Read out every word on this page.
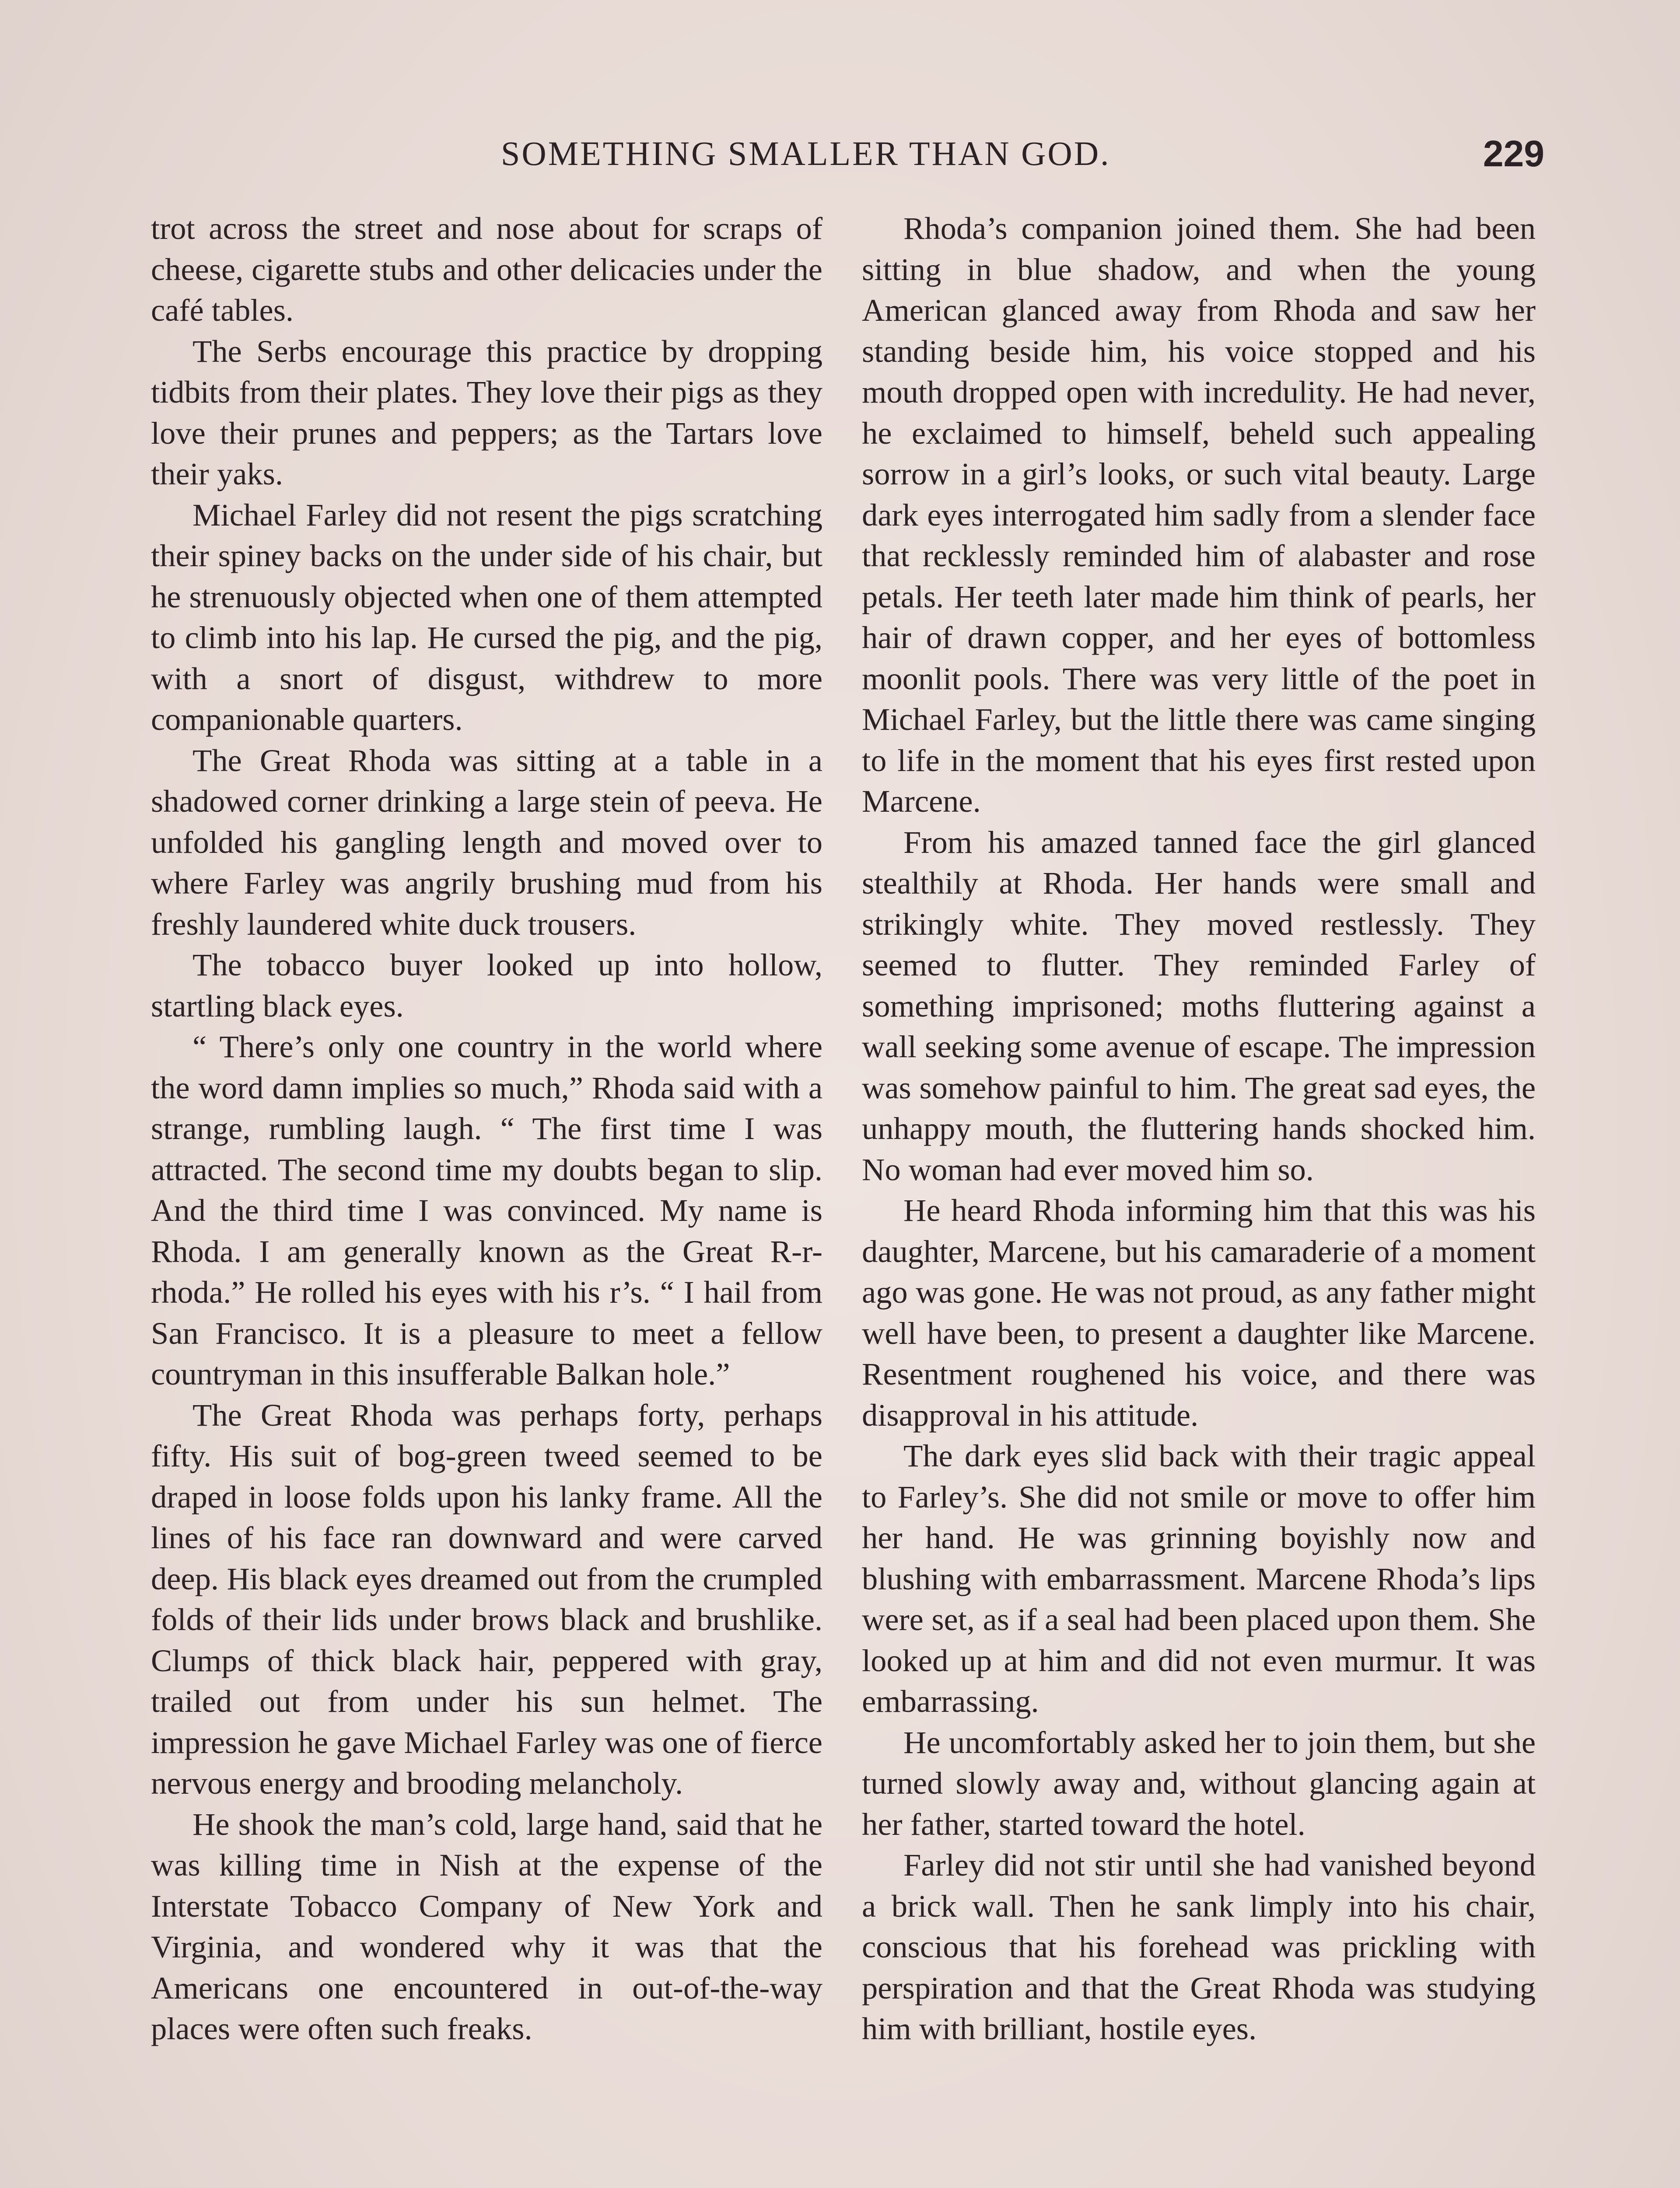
SOMETHING SMALLER THAN GOD.	229

trot across the street and nose about for scraps of cheese, cigarette stubs and other delicacies under the café tables.

The Serbs encourage this practice by dropping tidbits from their plates. They love their pigs as they love their prunes and peppers; as the Tartars love their yaks.

Michael Farley did not resent the pigs scratching their spiney backs on the under side of his chair, but he strenuously objected when one of them attempted to climb into his lap. He cursed the pig, and the pig, with a snort of disgust, withdrew to more companionable quarters.

The Great Rhoda was sitting at a table in a shadowed corner drinking a large stein of peeva. He unfolded his gangling length and moved over to where Farley was angrily brushing mud from his freshly laundered white duck trousers.

The tobacco buyer looked up into hollow, startling black eyes.

“ There’s only one country in the world where the word damn implies so much,” Rhoda said with a strange, rumbling laugh. “ The first time I was attracted. The second time my doubts began to slip. And the third time I was convinced. My name is Rhoda. I am generally known as the Great R-r-rhoda.” He rolled his eyes with his r’s. “ I hail from San Francisco. It is a pleasure to meet a fellow countryman in this insufferable Balkan hole.”

The Great Rhoda was perhaps forty, perhaps fifty. His suit of bog-green tweed seemed to be draped in loose folds upon his lanky frame. All the lines of his face ran downward and were carved deep. His black eyes dreamed out from the crumpled folds of their lids under brows black and brushlike. Clumps of thick black hair, peppered with gray, trailed out from under his sun helmet. The impression he gave Michael Farley was one of fierce nervous energy and brooding melancholy.

He shook the man’s cold, large hand, said that he was killing time in Nish at the expense of the Interstate Tobacco Company of New York and Virginia, and wondered why it was that the Americans one encountered in out-of-the-way places were often such freaks.

Rhoda’s companion joined them. She had been sitting in blue shadow, and when the young American glanced away from Rhoda and saw her standing beside him, his voice stopped and his mouth dropped open with incredulity. He had never, he exclaimed to himself, beheld such appealing sorrow in a girl’s looks, or such vital beauty. Large dark eyes interrogated him sadly from a slender face that recklessly reminded him of alabaster and rose petals. Her teeth later made him think of pearls, her hair of drawn copper, and her eyes of bottomless moonlit pools. There was very little of the poet in Michael Farley, but the little there was came singing to life in the moment that his eyes first rested upon Marcene.

From his amazed tanned face the girl glanced stealthily at Rhoda. Her hands were small and strikingly white. They moved restlessly. They seemed to flutter. They reminded Farley of something imprisoned; moths fluttering against a wall seeking some avenue of escape. The impression was somehow painful to him. The great sad eyes, the unhappy mouth, the fluttering hands shocked him. No woman had ever moved him so.

He heard Rhoda informing him that this was his daughter, Marcene, but his camaraderie of a moment ago was gone. He was not proud, as any father might well have been, to present a daughter like Marcene. Resentment roughened his voice, and there was disapproval in his attitude.

The dark eyes slid back with their tragic appeal to Farley’s. She did not smile or move to offer him her hand. He was grinning boyishly now and blushing with embarrassment. Marcene Rhoda’s lips were set, as if a seal had been placed upon them. She looked up at him and did not even murmur. It was embarrassing.

He uncomfortably asked her to join them, but she turned slowly away and, without glancing again at her father, started toward the hotel.

Farley did not stir until she had vanished beyond a brick wall. Then he sank limply into his chair, conscious that his forehead was prickling with perspiration and that the Great Rhoda was studying him with brilliant, hostile eyes.
